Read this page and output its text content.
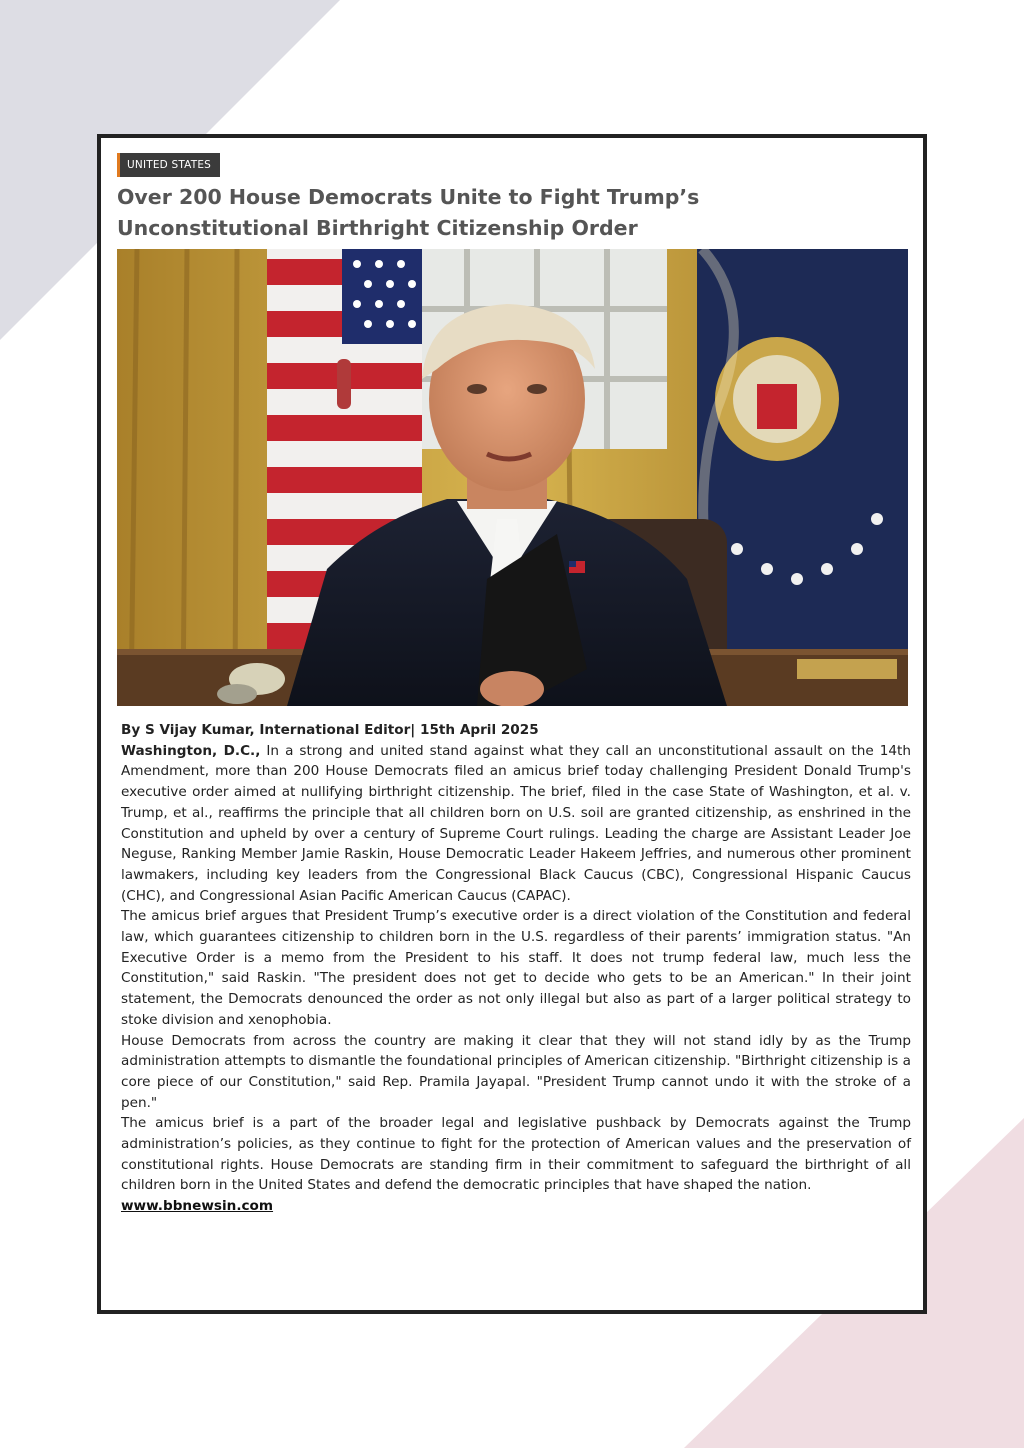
UNITED STATES
Over 200 House Democrats Unite to Fight Trump’s Unconstitutional Birthright Citizenship Order

By S Vijay Kumar, International Editor| 15th April 2025

Washington, D.C., In a strong and united stand against what they call an unconstitutional assault on the 14th Amendment, more than 200 House Democrats filed an amicus brief today challenging President Donald Trump's executive order aimed at nullifying birthright citizenship. The brief, filed in the case State of Washington, et al. v. Trump, et al., reaffirms the principle that all children born on U.S. soil are granted citizenship, as enshrined in the Constitution and upheld by over a century of Supreme Court rulings. Leading the charge are Assistant Leader Joe Neguse, Ranking Member Jamie Raskin, House Democratic Leader Hakeem Jeffries, and numerous other prominent lawmakers, including key leaders from the Congressional Black Caucus (CBC), Congressional Hispanic Caucus (CHC), and Congressional Asian Pacific American Caucus (CAPAC).

The amicus brief argues that President Trump’s executive order is a direct violation of the Constitution and federal law, which guarantees citizenship to children born in the U.S. regardless of their parents’ immigration status. "An Executive Order is a memo from the President to his staff. It does not trump federal law, much less the Constitution," said Raskin. "The president does not get to decide who gets to be an American." In their joint statement, the Democrats denounced the order as not only illegal but also as part of a larger political strategy to stoke division and xenophobia.

House Democrats from across the country are making it clear that they will not stand idly by as the Trump administration attempts to dismantle the foundational principles of American citizenship. "Birthright citizenship is a core piece of our Constitution," said Rep. Pramila Jayapal. "President Trump cannot undo it with the stroke of a pen."

The amicus brief is a part of the broader legal and legislative pushback by Democrats against the Trump administration’s policies, as they continue to fight for the protection of American values and the preservation of constitutional rights. House Democrats are standing firm in their commitment to safeguard the birthright of all children born in the United States and defend the democratic principles that have shaped the nation.

www.bbnewsin.com
